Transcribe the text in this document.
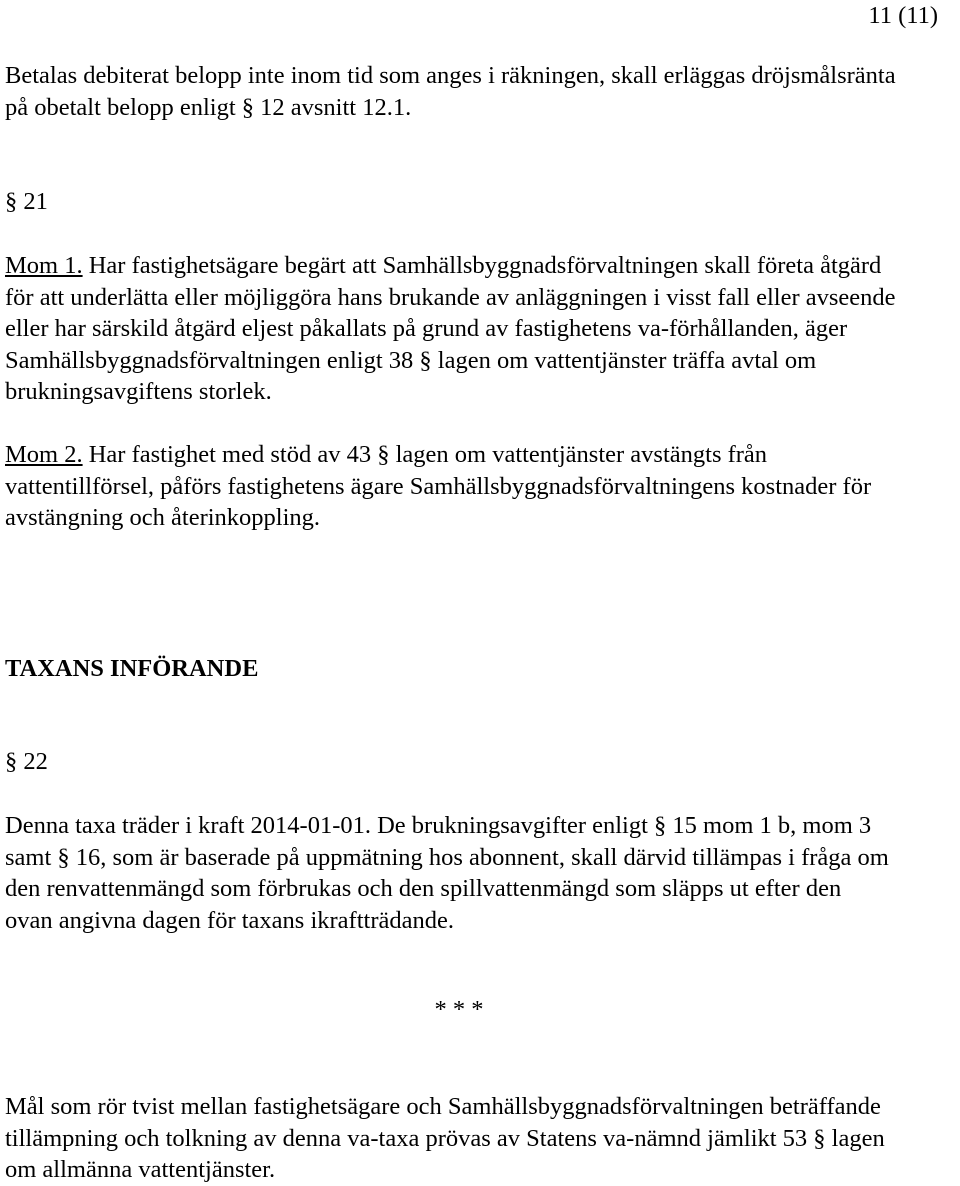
11 (11)

Betalas debiterat belopp inte inom tid som anges i räkningen, skall erläggas dröjsmålsränta
på obetalt belopp enligt § 12 avsnitt 12.1.

§ 21

Mom 1. Har fastighetsägare begärt att Samhällsbyggnadsförvaltningen skall företa åtgärd
för att underlätta eller möjliggöra hans brukande av anläggningen i visst fall eller avseende
eller har särskild åtgärd eljest påkallats på grund av fastighetens va-förhållanden, äger
Samhällsbyggnadsförvaltningen enligt 38 § lagen om vattentjänster träffa avtal om
brukningsavgiftens storlek.

Mom 2. Har fastighet med stöd av 43 § lagen om vattentjänster avstängts från
vattentillförsel, påförs fastighetens ägare Samhällsbyggnadsförvaltningens kostnader för
avstängning och återinkoppling.

TAXANS INFÖRANDE

§ 22

Denna taxa träder i kraft 2014-01-01. De brukningsavgifter enligt § 15 mom 1 b, mom 3
samt § 16, som är baserade på uppmätning hos abonnent, skall därvid tillämpas i fråga om
den renvattenmängd som förbrukas och den spillvattenmängd som släpps ut efter den
ovan angivna dagen för taxans ikraftträdande.

* * *

Mål som rör tvist mellan fastighetsägare och Samhällsbyggnadsförvaltningen beträffande
tillämpning och tolkning av denna va-taxa prövas av Statens va-nämnd jämlikt 53 § lagen
om allmänna vattentjänster.
